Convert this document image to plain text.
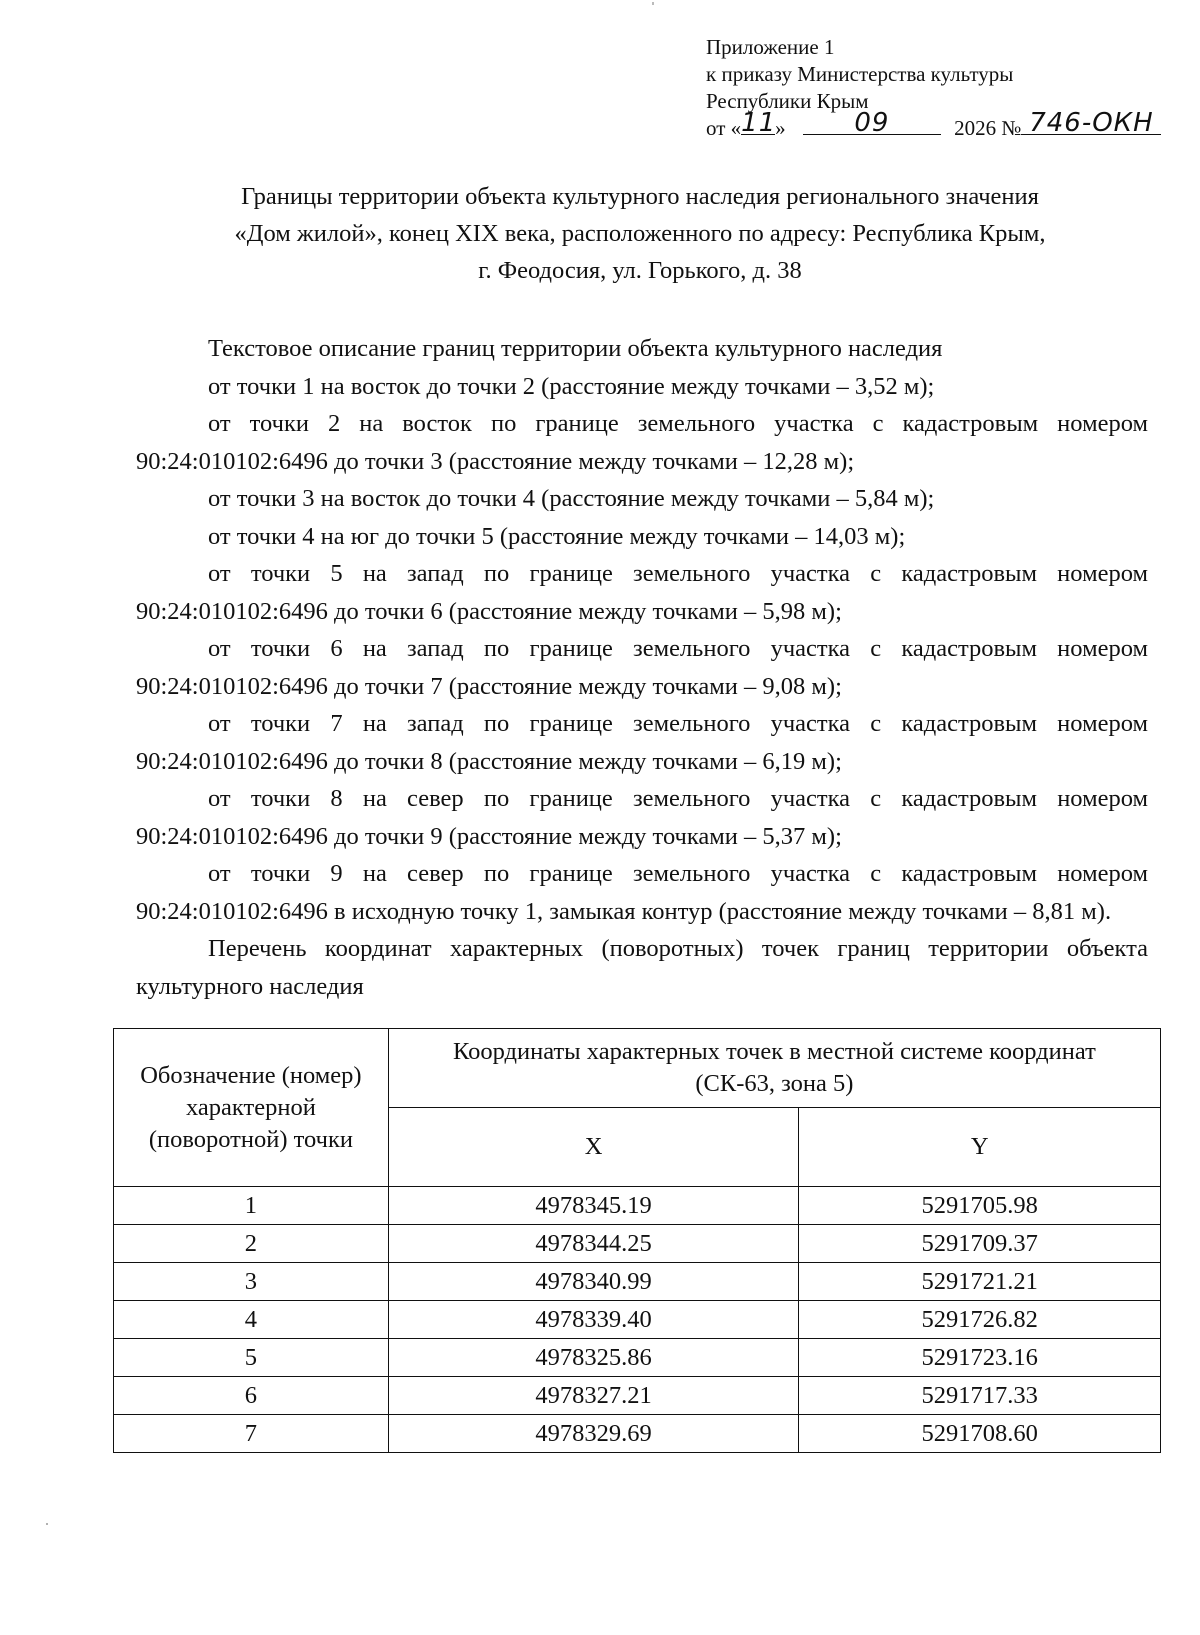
Приложение 1
к приказу Министерства культуры
Республики Крым
от «11»	09	2026 № 746-ОКН
Границы территории объекта культурного наследия регионального значения
«Дом жилой», конец XIX века, расположенного по адресу: Республика Крым,
г. Феодосия, ул. Горького, д. 38
Текстовое описание границ территории объекта культурного наследия
от точки 1 на восток до точки 2 (расстояние между точками – 3,52 м);
от точки 2 на восток по границе земельного участка с кадастровым номером 90:24:010102:6496 до точки 3 (расстояние между точками – 12,28 м);
от точки 3 на восток до точки 4 (расстояние между точками – 5,84 м);
от точки 4 на юг до точки 5 (расстояние между точками – 14,03 м);
от точки 5 на запад по границе земельного участка с кадастровым номером 90:24:010102:6496 до точки 6 (расстояние между точками – 5,98 м);
от точки 6 на запад по границе земельного участка с кадастровым номером 90:24:010102:6496 до точки 7 (расстояние между точками – 9,08 м);
от точки 7 на запад по границе земельного участка с кадастровым номером 90:24:010102:6496 до точки 8 (расстояние между точками – 6,19 м);
от точки 8 на север по границе земельного участка с кадастровым номером 90:24:010102:6496 до точки 9 (расстояние между точками – 5,37 м);
от точки 9 на север по границе земельного участка с кадастровым номером 90:24:010102:6496 в исходную точку 1, замыкая контур (расстояние между точками – 8,81 м).
Перечень координат характерных (поворотных) точек границ территории объекта культурного наследия
Обозначение (номер) характерной (поворотной) точки	Координаты характерных точек в местной системе координат (СК-63, зона 5)	
	X	Y
1	4978345.19	5291705.98
2	4978344.25	5291709.37
3	4978340.99	5291721.21
4	4978339.40	5291726.82
5	4978325.86	5291723.16
6	4978327.21	5291717.33
7	4978329.69	5291708.60
